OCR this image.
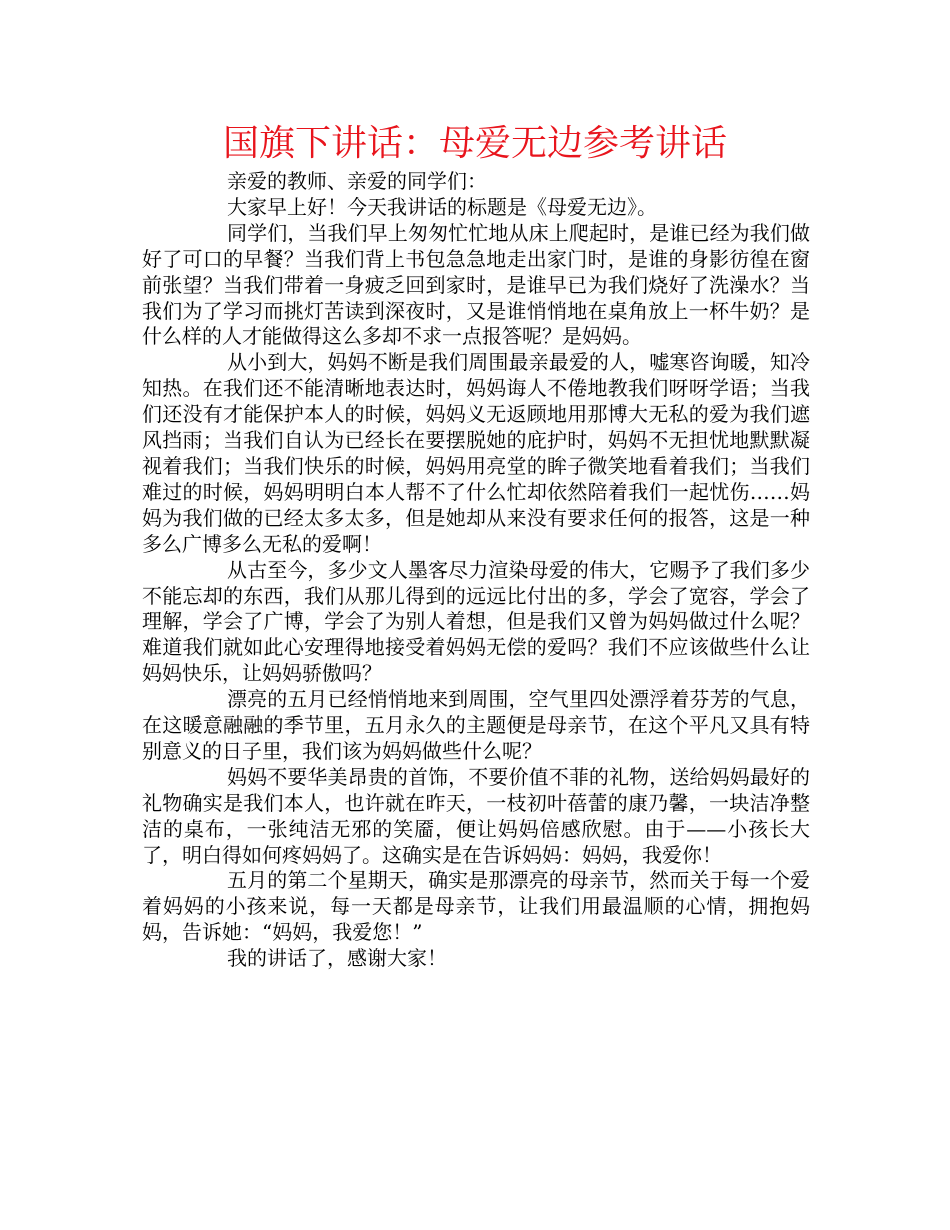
国旗下讲话：母爱无边参考讲话

亲爱的教师、亲爱的同学们：

大家早上好！今天我讲话的标题是《母爱无边》。

同学们，当我们早上匆匆忙忙地从床上爬起时，是谁已经为我们做好了可口的早餐？当我们背上书包急急地走出家门时，是谁的身影彷徨在窗前张望？当我们带着一身疲乏回到家时，是谁早已为我们烧好了洗澡水？当我们为了学习而挑灯苦读到深夜时，又是谁悄悄地在桌角放上一杯牛奶？是什么样的人才能做得这么多却不求一点报答呢？是妈妈。

从小到大，妈妈不断是我们周围最亲最爱的人，嘘寒咨询暖，知冷知热。在我们还不能清晰地表达时，妈妈诲人不倦地教我们呀呀学语；当我们还没有才能保护本人的时候，妈妈义无返顾地用那博大无私的爱为我们遮风挡雨；当我们自认为已经长在要摆脱她的庇护时，妈妈不无担忧地默默凝视着我们；当我们快乐的时候，妈妈用亮堂的眸子微笑地看着我们；当我们难过的时候，妈妈明明白本人帮不了什么忙却依然陪着我们一起忧伤……妈妈为我们做的已经太多太多，但是她却从来没有要求任何的报答，这是一种多么广博多么无私的爱啊！

从古至今，多少文人墨客尽力渲染母爱的伟大，它赐予了我们多少不能忘却的东西，我们从那儿得到的远远比付出的多，学会了宽容，学会了理解，学会了广博，学会了为别人着想，但是我们又曾为妈妈做过什么呢？难道我们就如此心安理得地接受着妈妈无偿的爱吗？我们不应该做些什么让妈妈快乐，让妈妈骄傲吗？

漂亮的五月已经悄悄地来到周围，空气里四处漂浮着芬芳的气息，在这暖意融融的季节里，五月永久的主题便是母亲节，在这个平凡又具有特别意义的日子里，我们该为妈妈做些什么呢？

妈妈不要华美昂贵的首饰，不要价值不菲的礼物，送给妈妈最好的礼物确实是我们本人，也许就在昨天，一枝初叶蓓蕾的康乃馨，一块洁净整洁的桌布，一张纯洁无邪的笑靥，便让妈妈倍感欣慰。由于——小孩长大了，明白得如何疼妈妈了。这确实是在告诉妈妈：妈妈，我爱你！

五月的第二个星期天，确实是那漂亮的母亲节，然而关于每一个爱着妈妈的小孩来说，每一天都是母亲节，让我们用最温顺的心情，拥抱妈妈，告诉她：“妈妈，我爱您！”

我的讲话了，感谢大家！
